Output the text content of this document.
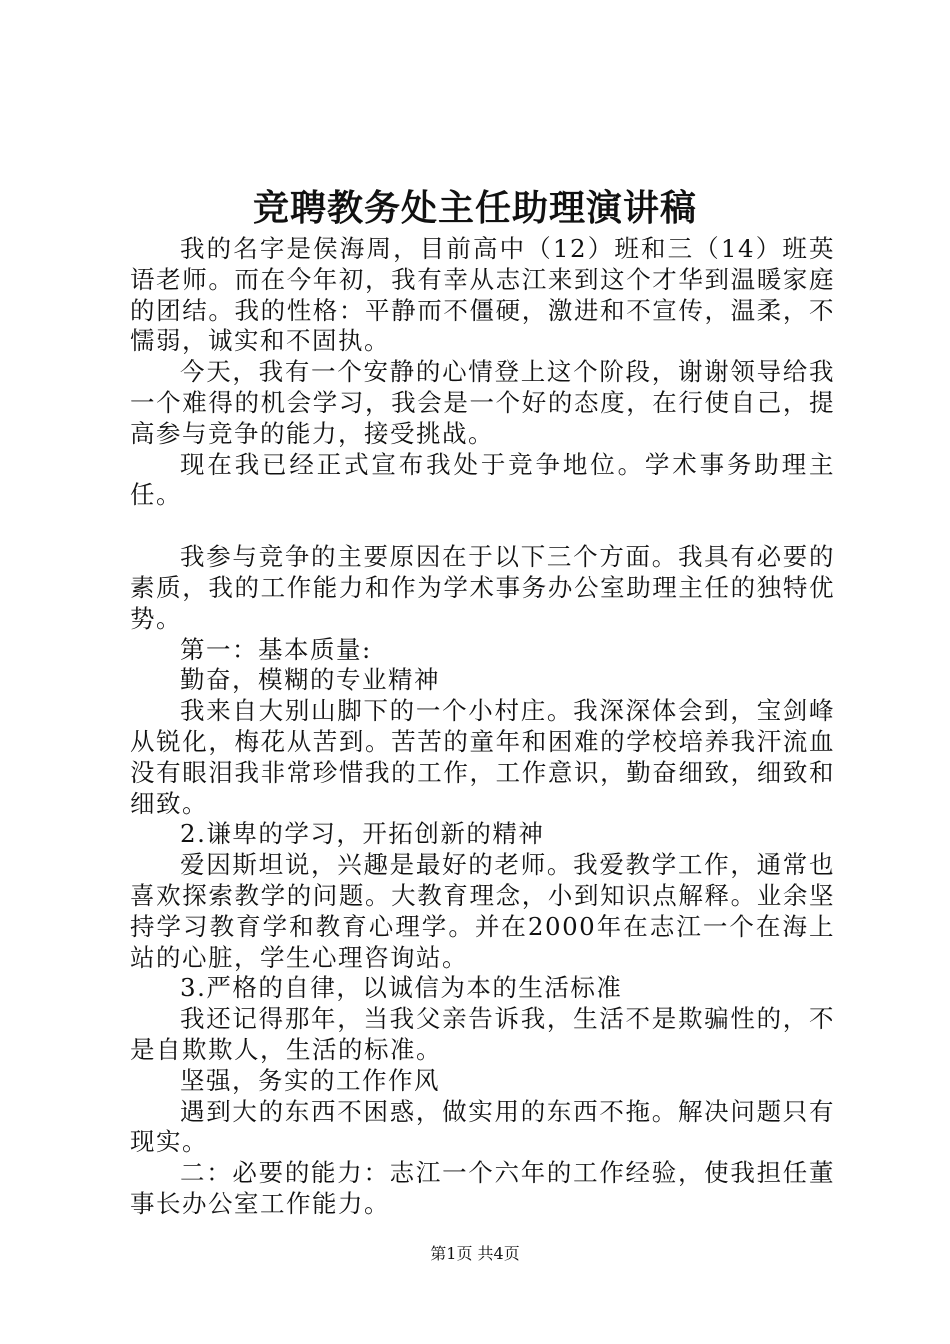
竞聘教务处主任助理演讲稿

我的名字是侯海周，目前高中（12）班和三（14）班英语老师。而在今年初，我有幸从志江来到这个才华到温暖家庭的团结。我的性格：平静而不僵硬，激进和不宣传，温柔，不懦弱，诚实和不固执。

今天，我有一个安静的心情登上这个阶段，谢谢领导给我一个难得的机会学习，我会是一个好的态度，在行使自己，提高参与竞争的能力，接受挑战。

现在我已经正式宣布我处于竞争地位。学术事务助理主任。

我参与竞争的主要原因在于以下三个方面。我具有必要的素质，我的工作能力和作为学术事务办公室助理主任的独特优势。

第一：基本质量:

勤奋，模糊的专业精神

我来自大别山脚下的一个小村庄。我深深体会到，宝剑峰从锐化，梅花从苦到。苦苦的童年和困难的学校培养我汗流血没有眼泪我非常珍惜我的工作，工作意识，勤奋细致，细致和细致。

2.谦卑的学习，开拓创新的精神

爱因斯坦说，兴趣是最好的老师。我爱教学工作，通常也喜欢探索教学的问题。大教育理念，小到知识点解释。业余坚持学习教育学和教育心理学。并在2000年在志江一个在海上站的心脏，学生心理咨询站。

3.严格的自律，以诚信为本的生活标准

我还记得那年，当我父亲告诉我，生活不是欺骗性的，不是自欺欺人，生活的标准。

坚强，务实的工作作风

遇到大的东西不困惑，做实用的东西不拖。解决问题只有现实。

二：必要的能力：志江一个六年的工作经验，使我担任董事长办公室工作能力。

第1页 共4页
